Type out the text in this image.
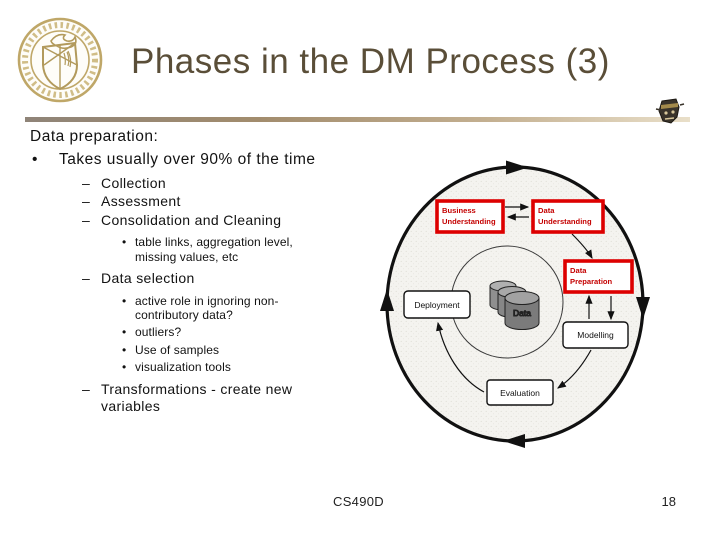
Phases in the DM Process (3)
Data preparation:
•	Takes usually over 90% of the time
– Collection
– Assessment
– Consolidation and Cleaning
• table links, aggregation level, missing values, etc
– Data selection
• active role in ignoring non-contributory data?
• outliers?
• Use of samples
• visualization tools
– Transformations - create new variables
Data
Business
Understanding
Data
Understanding
Data
Preparation
Deployment
Modelling
Evaluation
CS490D	18
